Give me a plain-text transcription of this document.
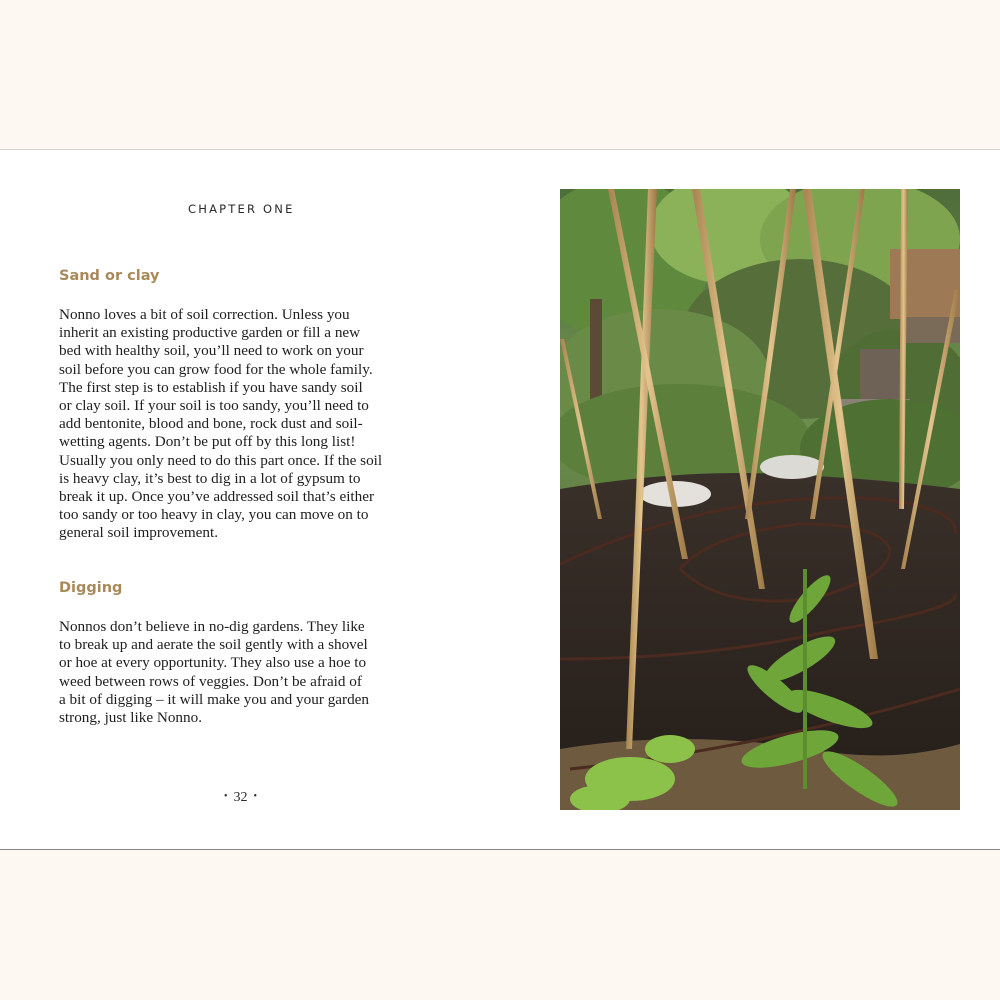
CHAPTER ONE
Sand or clay
Nonno loves a bit of soil correction. Unless you
inherit an existing productive garden or fill a new
bed with healthy soil, you’ll need to work on your
soil before you can grow food for the whole family.
The first step is to establish if you have sandy soil
or clay soil. If your soil is too sandy, you’ll need to
add bentonite, blood and bone, rock dust and soil-
wetting agents. Don’t be put off by this long list!
Usually you only need to do this part once. If the soil
is heavy clay, it’s best to dig in a lot of gypsum to
break it up. Once you’ve addressed soil that’s either
too sandy or too heavy in clay, you can move on to
general soil improvement.
Digging
Nonnos don’t believe in no-dig gardens. They like
to break up and aerate the soil gently with a shovel
or hoe at every opportunity. They also use a hoe to
weed between rows of veggies. Don’t be afraid of
a bit of digging – it will make you and your garden
strong, just like Nonno.
• 32 •
